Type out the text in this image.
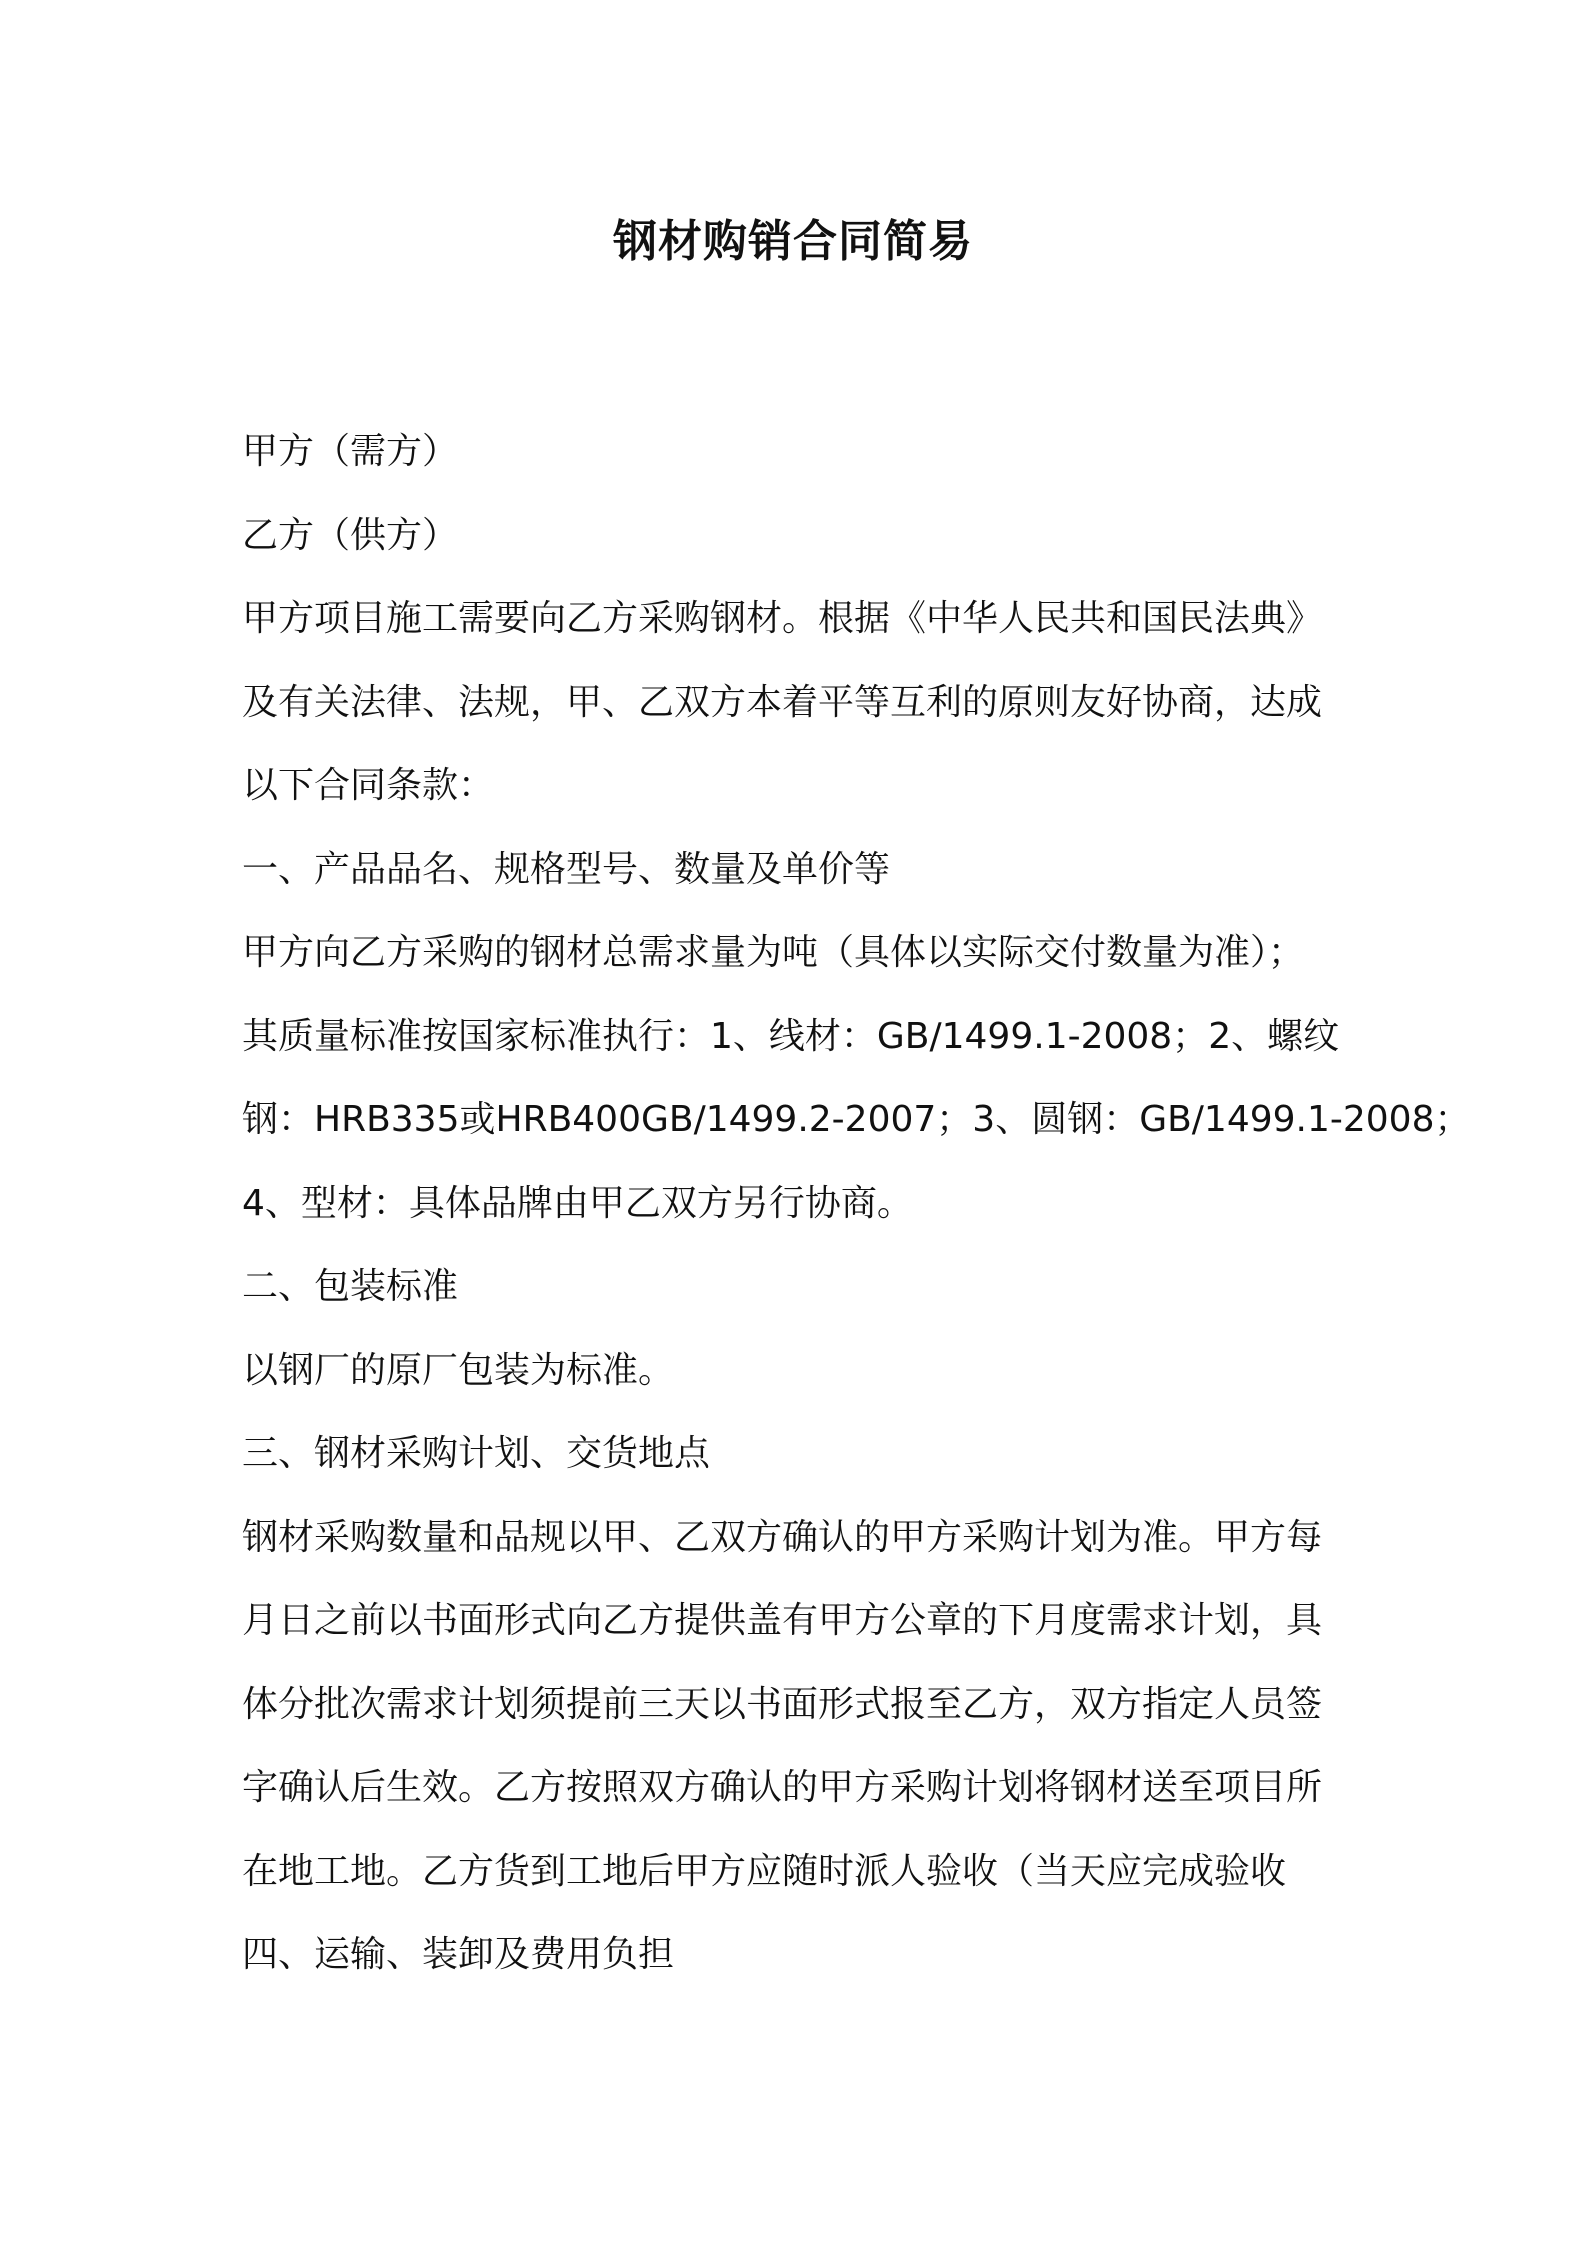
钢材购销合同简易

甲方（需方）

乙方（供方）

甲方项目施工需要向乙方采购钢材。根据《中华人民共和国民法典》

及有关法律、法规，甲、乙双方本着平等互利的原则友好协商，达成

以下合同条款：

一、产品品名、规格型号、数量及单价等

甲方向乙方采购的钢材总需求量为吨（具体以实际交付数量为准）；

其质量标准按国家标准执行：1、线材：GB/1499.1-2008；2、螺纹

钢：HRB335或HRB400GB/1499.2-2007；3、圆钢：GB/1499.1-2008；

4、型材：具体品牌由甲乙双方另行协商。

二、包装标准

以钢厂的原厂包装为标准。

三、钢材采购计划、交货地点

钢材采购数量和品规以甲、乙双方确认的甲方采购计划为准。甲方每

月日之前以书面形式向乙方提供盖有甲方公章的下月度需求计划，具

体分批次需求计划须提前三天以书面形式报至乙方，双方指定人员签

字确认后生效。乙方按照双方确认的甲方采购计划将钢材送至项目所

在地工地。乙方货到工地后甲方应随时派人验收（当天应完成验收

四、运输、装卸及费用负担
